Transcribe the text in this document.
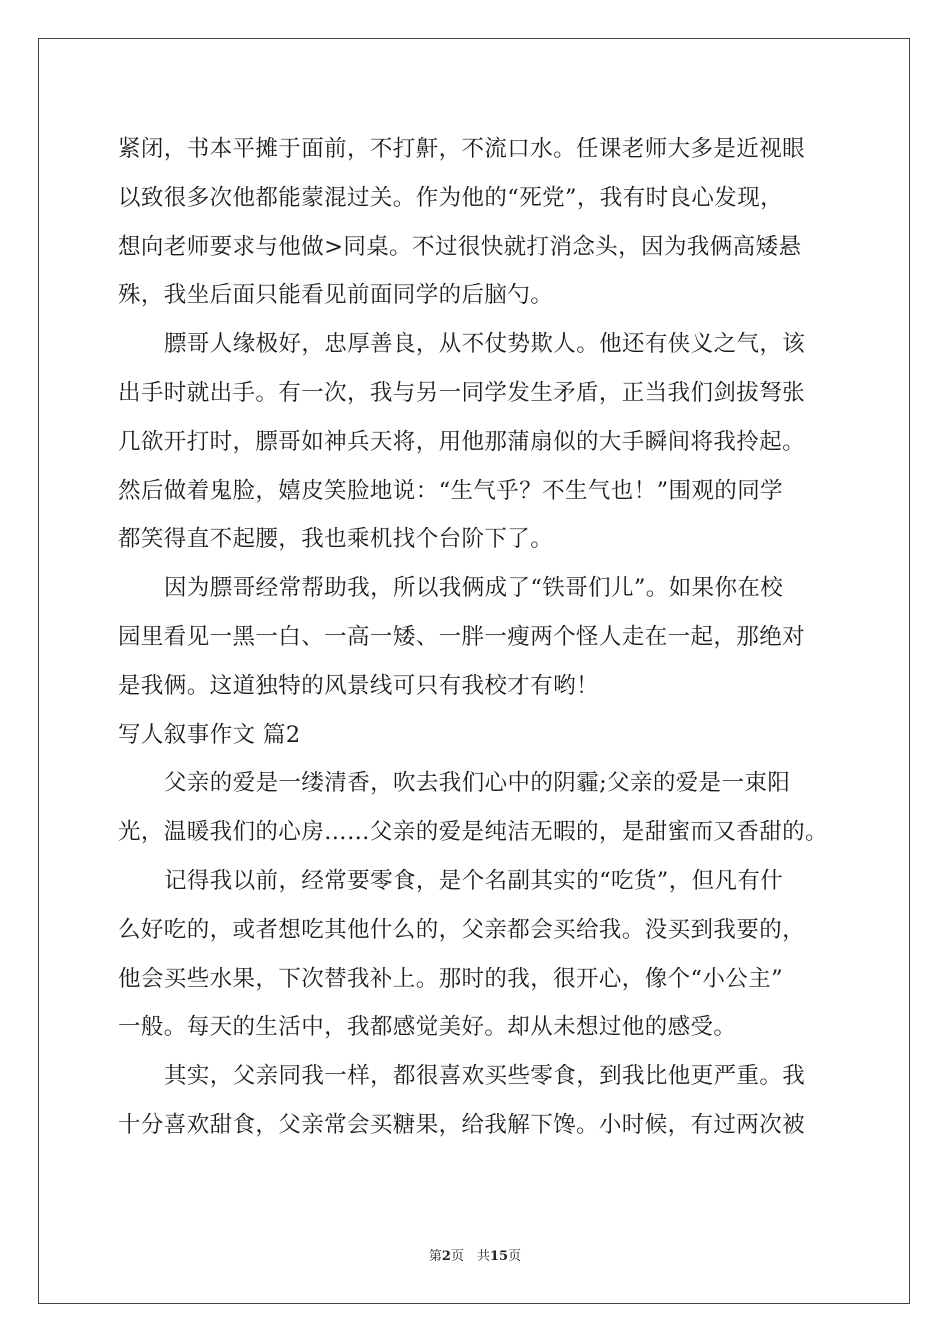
紧闭，书本平摊于面前，不打鼾，不流口水。任课老师大多是近视眼
以致很多次他都能蒙混过关。作为他的“死党”，我有时良心发现，
想向老师要求与他做>同桌。不过很快就打消念头，因为我俩高矮悬
殊，我坐后面只能看见前面同学的后脑勺。
膘哥人缘极好，忠厚善良，从不仗势欺人。他还有侠义之气，该
出手时就出手。有一次，我与另一同学发生矛盾，正当我们剑拔弩张
几欲开打时，膘哥如神兵天将，用他那蒲扇似的大手瞬间将我拎起。
然后做着鬼脸，嬉皮笑脸地说：“生气乎？不生气也！”围观的同学
都笑得直不起腰，我也乘机找个台阶下了。
因为膘哥经常帮助我，所以我俩成了“铁哥们儿”。如果你在校
园里看见一黑一白、一高一矮、一胖一瘦两个怪人走在一起，那绝对
是我俩。这道独特的风景线可只有我校才有哟！
写人叙事作文 篇2
父亲的爱是一缕清香，吹去我们心中的阴霾;父亲的爱是一束阳
光，温暖我们的心房……父亲的爱是纯洁无暇的，是甜蜜而又香甜的。
记得我以前，经常要零食，是个名副其实的“吃货”，但凡有什
么好吃的，或者想吃其他什么的，父亲都会买给我。没买到我要的，
他会买些水果，下次替我补上。那时的我，很开心，像个“小公主”
一般。每天的生活中，我都感觉美好。却从未想过他的感受。
其实，父亲同我一样，都很喜欢买些零食，到我比他更严重。我
十分喜欢甜食，父亲常会买糖果，给我解下馋。小时候，有过两次被
第2页　共15页
